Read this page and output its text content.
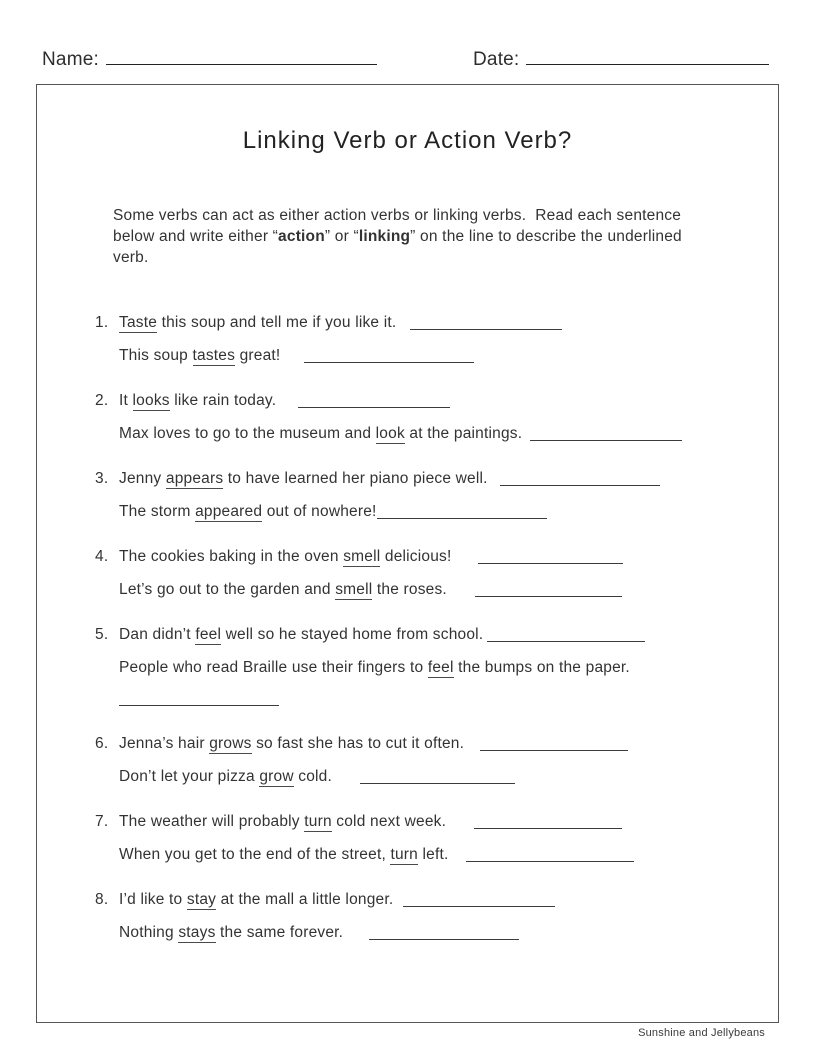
Name:	Date:
Linking Verb or Action Verb?

Some verbs can act as either action verbs or linking verbs.  Read each sentence below and write either “action” or “linking” on the line to describe the underlined verb.

1. Taste this soup and tell me if you like it.
This soup tastes great!
2. It looks like rain today.
Max loves to go to the museum and look at the paintings.
3. Jenny appears to have learned her piano piece well.
The storm appeared out of nowhere!
4. The cookies baking in the oven smell delicious!
Let’s go out to the garden and smell the roses.
5. Dan didn’t feel well so he stayed home from school.
People who read Braille use their fingers to feel the bumps on the paper.
6. Jenna’s hair grows so fast she has to cut it often.
Don’t let your pizza grow cold.
7. The weather will probably turn cold next week.
When you get to the end of the street, turn left.
8. I’d like to stay at the mall a little longer.
Nothing stays the same forever.
Sunshine and Jellybeans
